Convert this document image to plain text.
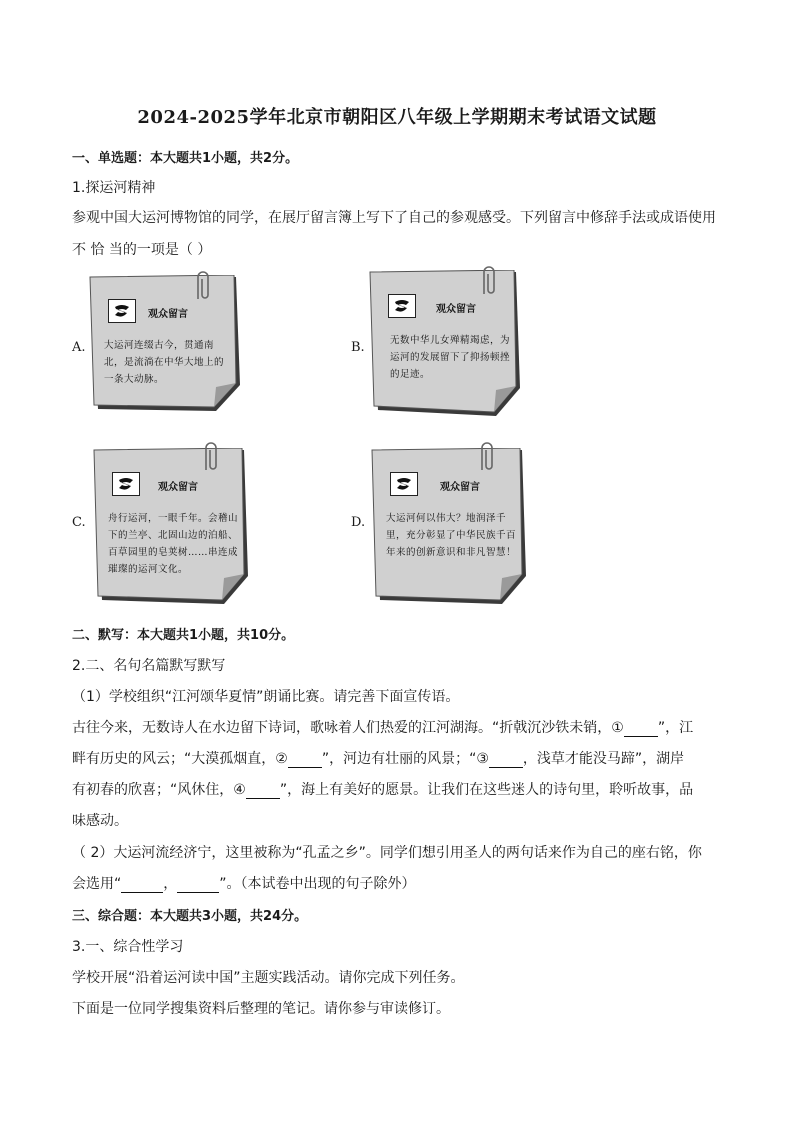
2024-2025学年北京市朝阳区八年级上学期期末考试语文试题
一、单选题：本大题共1小题，共2分。
1.探运河精神
参观中国大运河博物馆的同学，在展厅留言簿上写下了自己的参观感受。下列留言中修辞手法或成语使用
不 恰 当的一项是（ ）
A.
观众留言
大运河连缀古今，贯通南北，是流淌在中华大地上的一条大动脉。
B.
观众留言
无数中华儿女殚精竭虑，为运河的发展留下了抑扬顿挫的足迹。
C.
观众留言
舟行运河，一眼千年。会稽山下的兰亭、北固山边的泊船、百草园里的皂荚树……串连成璀璨的运河文化。
D.
观众留言
大运河何以伟大？地润泽千里，充分彰显了中华民族千百年来的创新意识和非凡智慧！
二、默写：本大题共1小题，共10分。
2.二、名句名篇默写默写
（1）学校组织“江河颂华夏情”朗诵比赛。请完善下面宣传语。
古往今来，无数诗人在水边留下诗词，歌咏着人们热爱的江河湖海。“折戟沉沙铁未销，① ”，江
畔有历史的风云；“大漠孤烟直，② ”，河边有壮丽的风景；“③ ，浅草才能没马蹄”，湖岸
有初春的欣喜；“风休住，④ ”，海上有美好的愿景。让我们在这些迷人的诗句里，聆听故事，品
味感动。
（ 2）大运河流经济宁，这里被称为“孔孟之乡”。同学们想引用圣人的两句话来作为自己的座右铭，你
会选用“	，	”。（本试卷中出现的句子除外）
三、综合题：本大题共3小题，共24分。
3.一、综合性学习
学校开展“沿着运河读中国”主题实践活动。请你完成下列任务。
下面是一位同学搜集资料后整理的笔记。请你参与审读修订。
